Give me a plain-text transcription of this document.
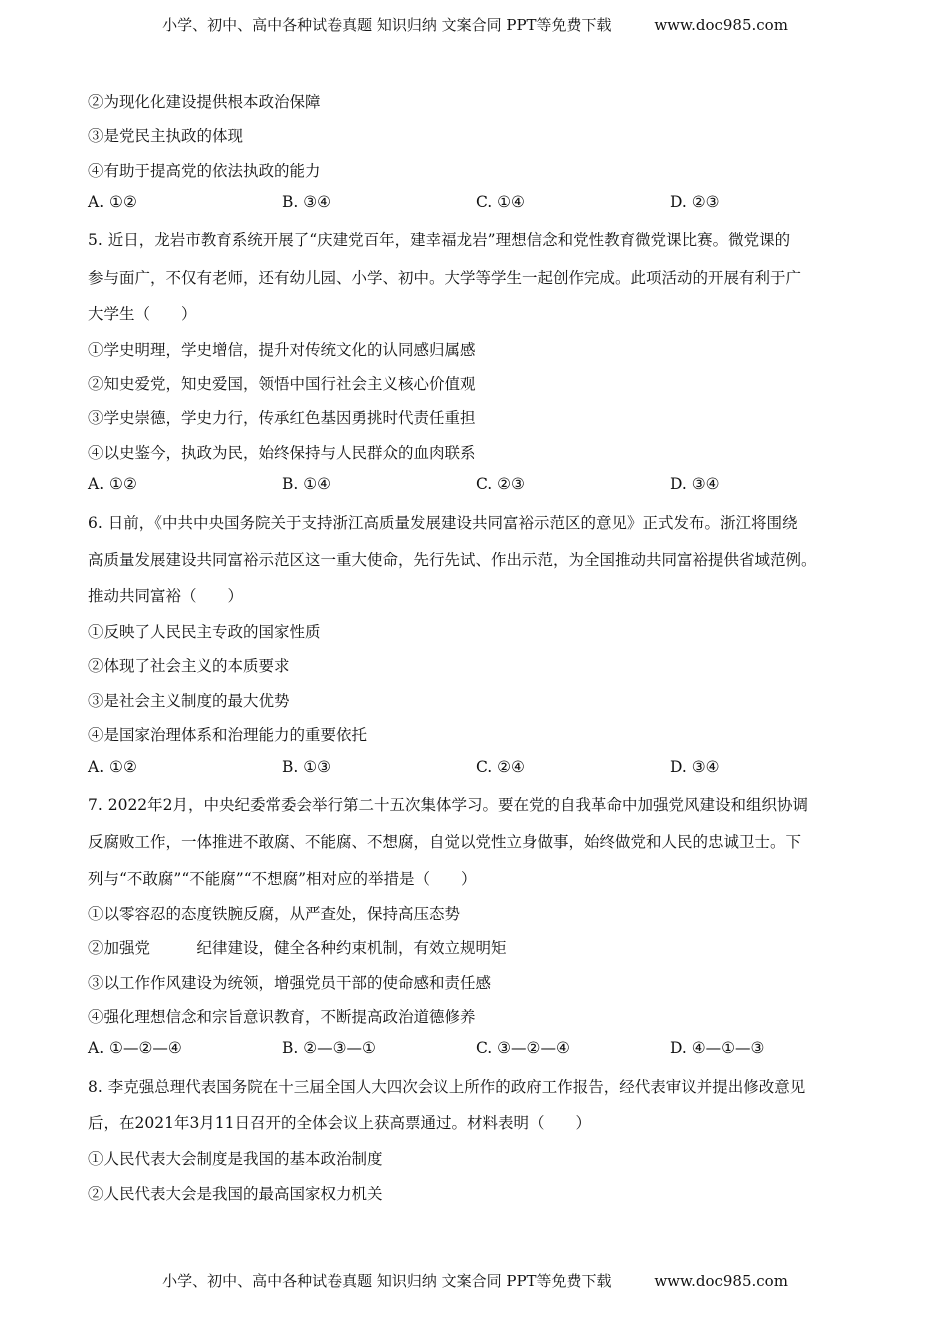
小学、初中、高中各种试卷真题 知识归纳 文案合同 PPT等免费下载	www.doc985.com
②为现化化建设提供根本政治保障
③是党民主执政的体现
④有助于提高党的依法执政的能力
A. ①②	B. ③④	C. ①④	D. ②③
5. 近日，龙岩市教育系统开展了“庆建党百年，建幸福龙岩”理想信念和党性教育微党课比赛。微党课的
参与面广，不仅有老师，还有幼儿园、小学、初中。大学等学生一起创作完成。此项活动的开展有利于广
大学生（　　）
①学史明理，学史增信，提升对传统文化的认同感归属感
②知史爱党，知史爱国，领悟中国行社会主义核心价值观
③学史崇德，学史力行，传承红色基因勇挑时代责任重担
④以史鉴今，执政为民，始终保持与人民群众的血肉联系
A. ①②	B. ①④	C. ②③	D. ③④
6. 日前，《中共中央国务院关于支持浙江高质量发展建设共同富裕示范区的意见》正式发布。浙江将围绕
高质量发展建设共同富裕示范区这一重大使命，先行先试、作出示范，为全国推动共同富裕提供省域范例。
推动共同富裕（　　）
①反映了人民民主专政的国家性质
②体现了社会主义的本质要求
③是社会主义制度的最大优势
④是国家治理体系和治理能力的重要依托
A. ①②	B. ①③	C. ②④	D. ③④
7. 2022年2月，中央纪委常委会举行第二十五次集体学习。要在党的自我革命中加强党风建设和组织协调
反腐败工作，一体推进不敢腐、不能腐、不想腐，自觉以党性立身做事，始终做党和人民的忠诚卫士。下
列与“不敢腐”“不能腐”“不想腐”相对应的举措是（　　）
①以零容忍的态度铁腕反腐，从严查处，保持高压态势
②加强党　　　纪律建设，健全各种约束机制，有效立规明矩
③以工作作风建设为统领，增强党员干部的使命感和责任感
④强化理想信念和宗旨意识教育，不断提高政治道德修养
A. ①—②—④	B. ②—③—①	C. ③—②—④	D. ④—①—③
8. 李克强总理代表国务院在十三届全国人大四次会议上所作的政府工作报告，经代表审议并提出修改意见
后，在2021年3月11日召开的全体会议上获高票通过。材料表明（　　）
①人民代表大会制度是我国的基本政治制度
②人民代表大会是我国的最高国家权力机关
小学、初中、高中各种试卷真题 知识归纳 文案合同 PPT等免费下载	www.doc985.com
